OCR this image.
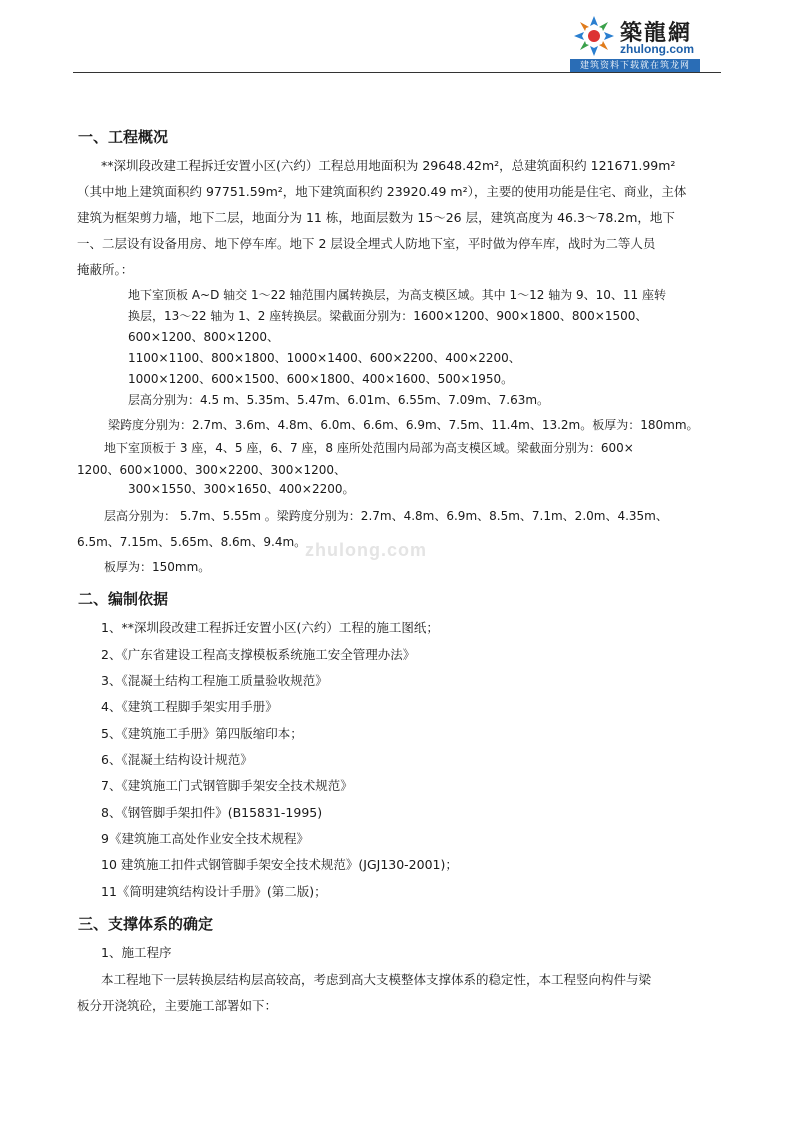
築龍網
zhulong.com
建筑资料下载就在筑龙网
zhulong.com
一、工程概况
**深圳段改建工程拆迁安置小区(六约）工程总用地面积为 29648.42m²，总建筑面积约 121671.99m²
（其中地上建筑面积约 97751.59m²，地下建筑面积约 23920.49 m²），主要的使用功能是住宅、商业，主体
建筑为框架剪力墙，地下二层，地面分为 11 栋，地面层数为 15～26 层，建筑高度为 46.3～78.2m，地下
一、二层设有设备用房、地下停车库。地下 2 层设全埋式人防地下室，平时做为停车库，战时为二等人员
掩蔽所。：
地下室顶板 A~D 轴交 1～22 轴范围内属转换层，为高支模区域。其中 1～12 轴为 9、10、11 座转
换层，13～22 轴为 1、2 座转换层。梁截面分别为：1600×1200、900×1800、800×1500、
600×1200、800×1200、
1100×1100、800×1800、1000×1400、600×2200、400×2200、
1000×1200、600×1500、600×1800、400×1600、500×1950。
层高分别为：4.5 m、5.35m、5.47m、6.01m、6.55m、7.09m、7.63m。
梁跨度分别为：2.7m、3.6m、4.8m、6.0m、6.6m、6.9m、7.5m、11.4m、13.2m。板厚为：180mm。
地下室顶板于 3 座，4、5 座，6、7 座，8 座所处范围内局部为高支模区域。梁截面分别为：600×
1200、600×1000、300×2200、300×1200、
300×1550、300×1650、400×2200。
层高分别为： 5.7m、5.55m 。梁跨度分别为：2.7m、4.8m、6.9m、8.5m、7.1m、2.0m、4.35m、
6.5m、7.15m、5.65m、8.6m、9.4m。
板厚为：150mm。
二、编制依据
1、**深圳段改建工程拆迁安置小区(六约）工程的施工图纸；
2、《广东省建设工程高支撑模板系统施工安全管理办法》
3、《混凝土结构工程施工质量验收规范》
4、《建筑工程脚手架实用手册》
5、《建筑施工手册》第四版缩印本；
6、《混凝土结构设计规范》
7、《建筑施工门式钢管脚手架安全技术规范》
8、《钢管脚手架扣件》(B15831-1995)
9《建筑施工高处作业安全技术规程》
10 建筑施工扣件式钢管脚手架安全技术规范》(JGJ130-2001)；
11《简明建筑结构设计手册》(第二版)；
三、支撑体系的确定
1、施工程序
本工程地下一层转换层结构层高较高，考虑到高大支模整体支撑体系的稳定性，本工程竖向构件与梁
板分开浇筑砼，主要施工部署如下：
